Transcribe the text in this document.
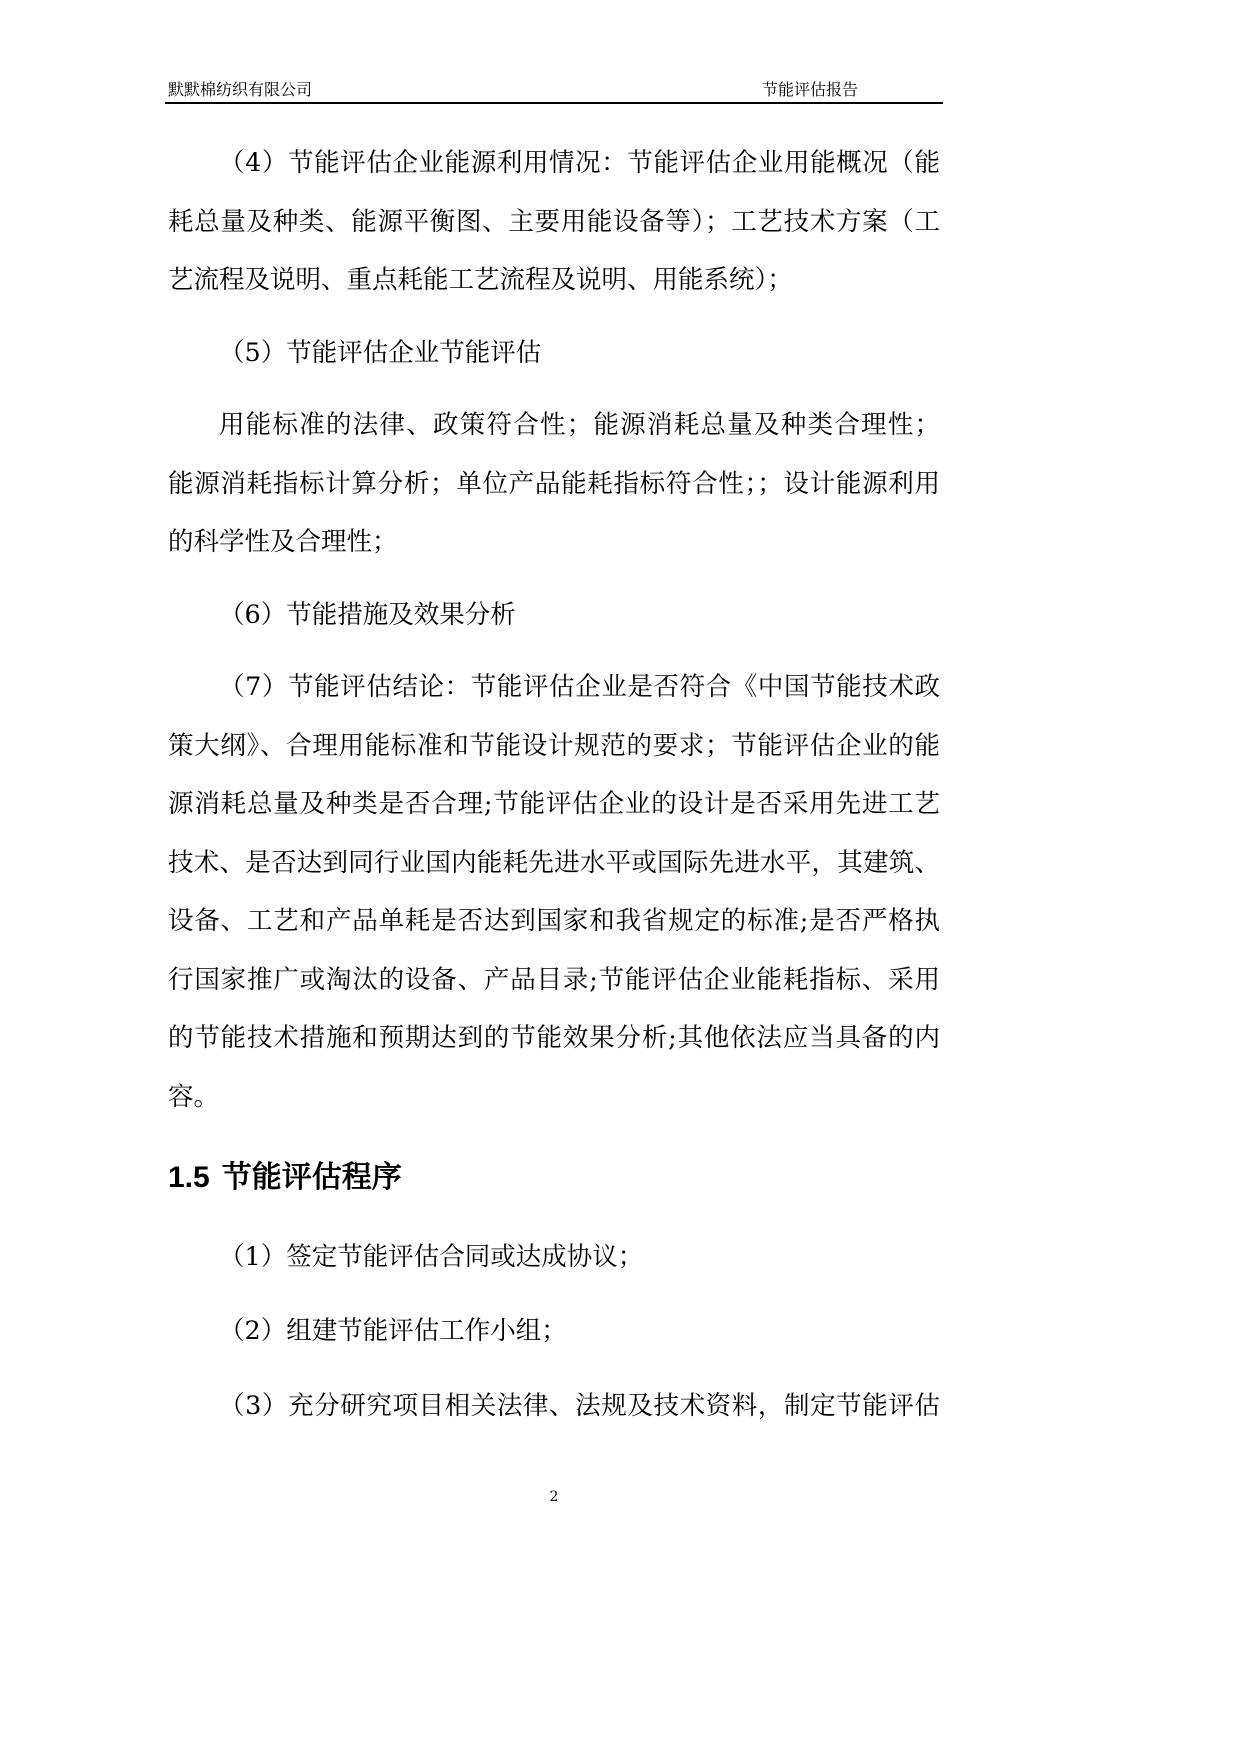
默默棉纺织有限公司	节能评估报告
（4）节能评估企业能源利用情况：节能评估企业用能概况（能
耗总量及种类、能源平衡图、主要用能设备等）；工艺技术方案（工
艺流程及说明、重点耗能工艺流程及说明、用能系统）；
（5）节能评估企业节能评估
用能标准的法律、政策符合性；能源消耗总量及种类合理性；
能源消耗指标计算分析；单位产品能耗指标符合性；；设计能源利用
的科学性及合理性；
（6）节能措施及效果分析
（7）节能评估结论：节能评估企业是否符合《中国节能技术政
策大纲》、合理用能标准和节能设计规范的要求；节能评估企业的能
源消耗总量及种类是否合理;节能评估企业的设计是否采用先进工艺
技术、是否达到同行业国内能耗先进水平或国际先进水平，其建筑、
设备、工艺和产品单耗是否达到国家和我省规定的标准;是否严格执
行国家推广或淘汰的设备、产品目录;节能评估企业能耗指标、采用
的节能技术措施和预期达到的节能效果分析;其他依法应当具备的内
容。
1.5 节能评估程序
（1）签定节能评估合同或达成协议；
（2）组建节能评估工作小组；
（3）充分研究项目相关法律、法规及技术资料，制定节能评估
2
